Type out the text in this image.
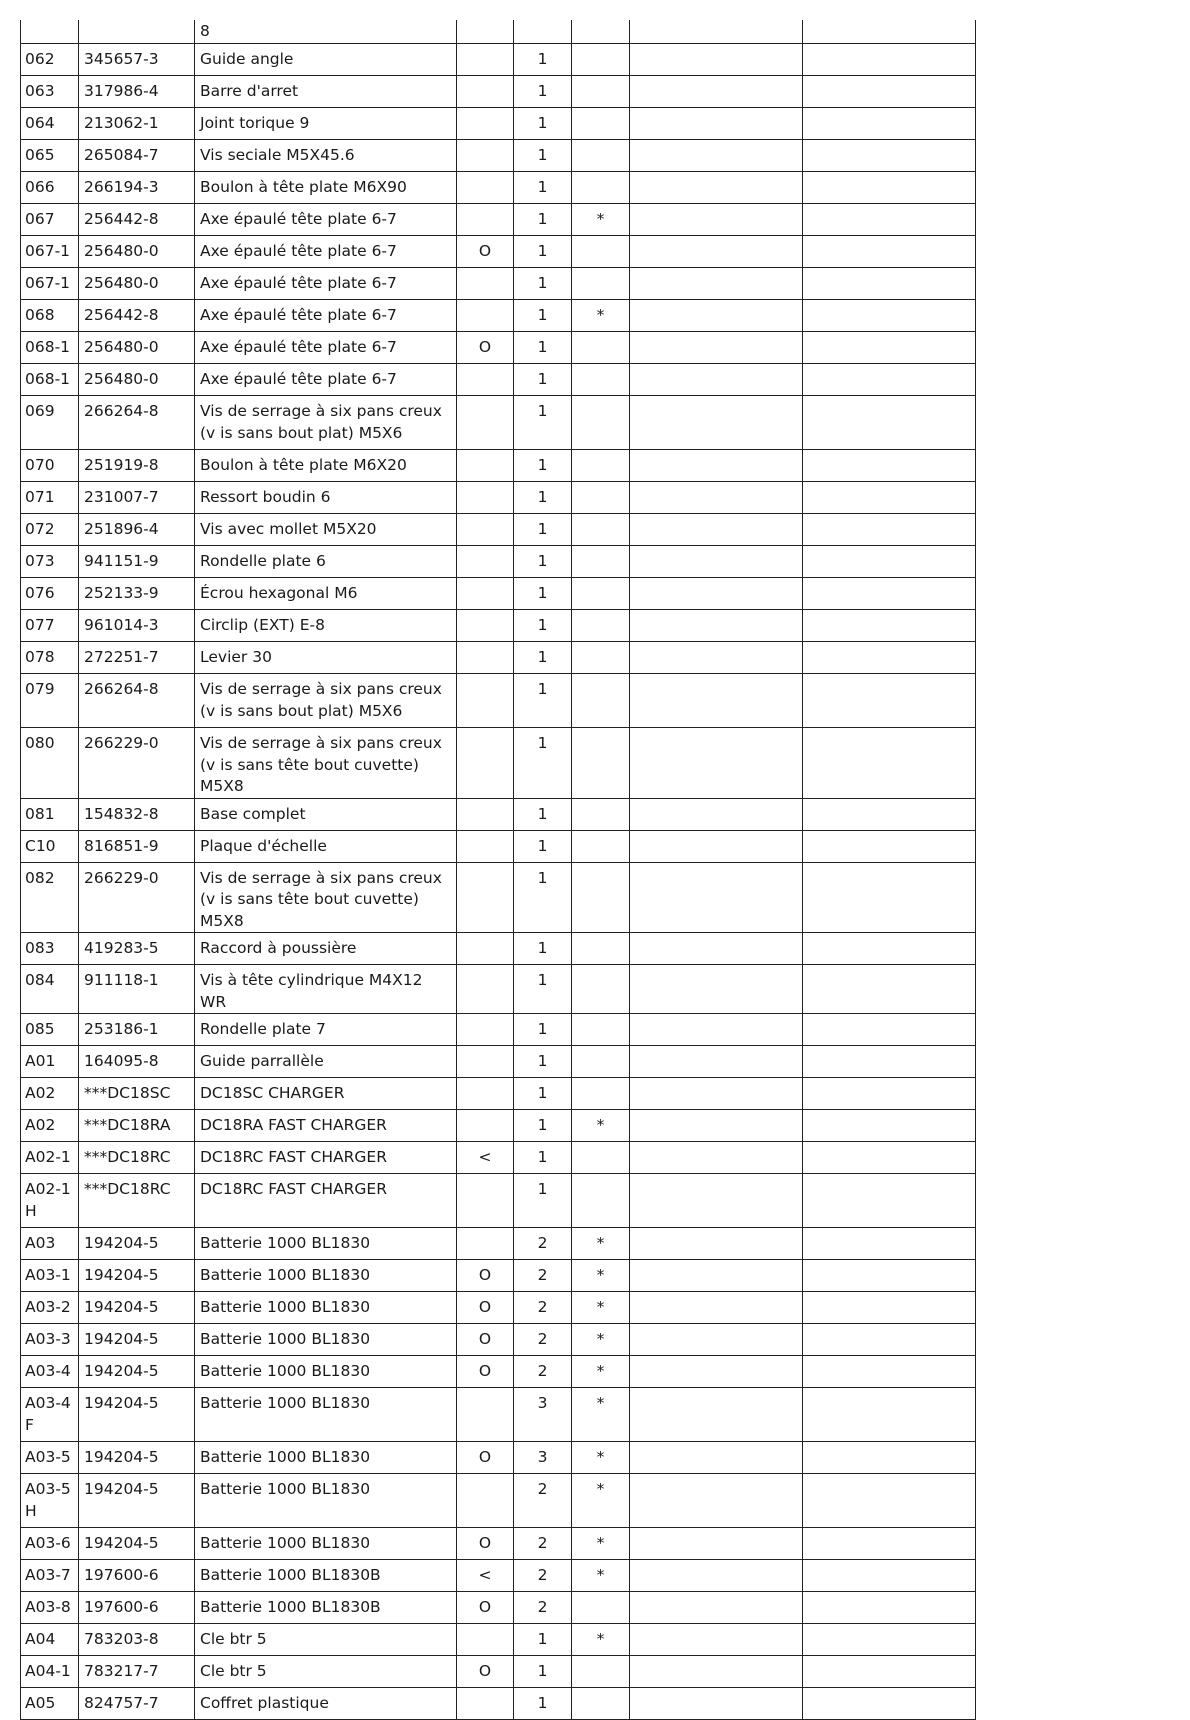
		8					
062	345657-3	Guide angle		1			
063	317986-4	Barre d'arret		1			
064	213062-1	Joint torique 9		1			
065	265084-7	Vis seciale M5X45.6		1			
066	266194-3	Boulon à tête plate M6X90		1			
067	256442-8	Axe épaulé tête plate 6-7		1	*		
067-1	256480-0	Axe épaulé tête plate 6-7	O	1			
067-1	256480-0	Axe épaulé tête plate 6-7		1			
068	256442-8	Axe épaulé tête plate 6-7		1	*		
068-1	256480-0	Axe épaulé tête plate 6-7	O	1			
068-1	256480-0	Axe épaulé tête plate 6-7		1			
069	266264-8	Vis de serrage à six pans creux (v is sans bout plat) M5X6		1			
070	251919-8	Boulon à tête plate M6X20		1			
071	231007-7	Ressort boudin 6		1			
072	251896-4	Vis avec mollet M5X20		1			
073	941151-9	Rondelle plate 6		1			
076	252133-9	Écrou hexagonal M6		1			
077	961014-3	Circlip (EXT) E-8		1			
078	272251-7	Levier 30		1			
079	266264-8	Vis de serrage à six pans creux (v is sans bout plat) M5X6		1			
080	266229-0	Vis de serrage à six pans creux (v is sans tête bout cuvette) M5X8		1			
081	154832-8	Base complet		1			
C10	816851-9	Plaque d'échelle		1			
082	266229-0	Vis de serrage à six pans creux (v is sans tête bout cuvette) M5X8		1			
083	419283-5	Raccord à poussière		1			
084	911118-1	Vis à tête cylindrique M4X12 WR		1			
085	253186-1	Rondelle plate 7		1			
A01	164095-8	Guide parrallèle		1			
A02	***DC18SC	DC18SC CHARGER		1			
A02	***DC18RA	DC18RA FAST CHARGER		1	*		
A02-1	***DC18RC	DC18RC FAST CHARGER	<	1			
A02-1 H	***DC18RC	DC18RC FAST CHARGER		1			
A03	194204-5	Batterie 1000 BL1830		2	*		
A03-1	194204-5	Batterie 1000 BL1830	O	2	*		
A03-2	194204-5	Batterie 1000 BL1830	O	2	*		
A03-3	194204-5	Batterie 1000 BL1830	O	2	*		
A03-4	194204-5	Batterie 1000 BL1830	O	2	*		
A03-4 F	194204-5	Batterie 1000 BL1830		3	*		
A03-5	194204-5	Batterie 1000 BL1830	O	3	*		
A03-5 H	194204-5	Batterie 1000 BL1830		2	*		
A03-6	194204-5	Batterie 1000 BL1830	O	2	*		
A03-7	197600-6	Batterie 1000 BL1830B	<	2	*		
A03-8	197600-6	Batterie 1000 BL1830B	O	2			
A04	783203-8	Cle btr 5		1	*		
A04-1	783217-7	Cle btr 5	O	1			
A05	824757-7	Coffret plastique		1			
